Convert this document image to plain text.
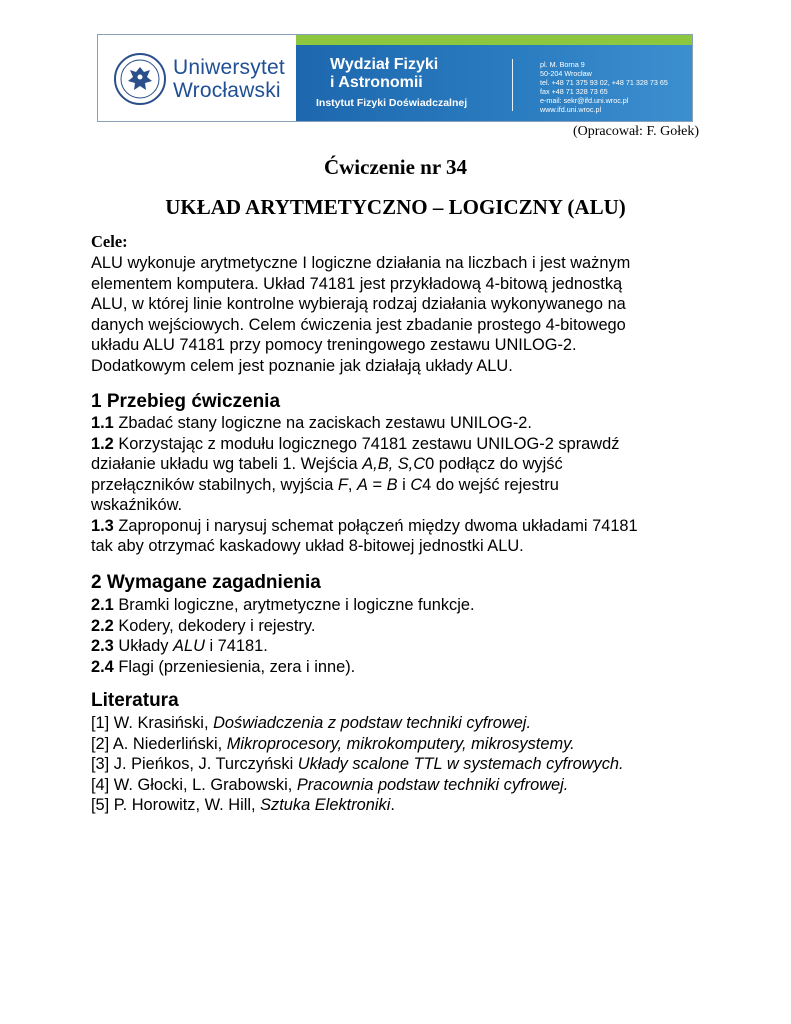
Uniwersytet
Wrocławski
Wydział Fizyki
i Astronomii
Instytut Fizyki Doświadczalnej
pl. M. Borna 9
50-204 Wrocław
tel. +48 71 375 93 02, +48 71 328 73 65
fax +48 71 328 73 65
e-mail: sekr@ifd.uni.wroc.pl
www.ifd.uni.wroc.pl
(Opracował: F. Gołek)
Ćwiczenie nr 34
UKŁAD ARYTMETYCZNO – LOGICZNY (ALU)
Cele:
ALU wykonuje arytmetyczne I logiczne działania na liczbach i jest ważnym
elementem komputera. Układ 74181 jest przykładową 4-bitową jednostką
ALU, w której linie kontrolne wybierają rodzaj działania wykonywanego na
danych wejściowych. Celem ćwiczenia jest zbadanie prostego 4-bitowego
układu ALU 74181 przy pomocy treningowego zestawu UNILOG-2.
Dodatkowym celem jest poznanie jak działają układy ALU.
1 Przebieg ćwiczenia
1.1 Zbadać stany logiczne na zaciskach zestawu UNILOG-2.
1.2 Korzystając z modułu logicznego 74181 zestawu UNILOG-2 sprawdź
działanie układu wg tabeli 1. Wejścia A,B, S,C0 podłącz do wyjść
przełączników stabilnych, wyjścia F, A = B i C4 do wejść rejestru
wskaźników.
1.3 Zaproponuj i narysuj schemat połączeń między dwoma układami 74181
tak aby otrzymać kaskadowy układ 8-bitowej jednostki ALU.
2 Wymagane zagadnienia
2.1 Bramki logiczne, arytmetyczne i logiczne funkcje.
2.2 Kodery, dekodery i rejestry.
2.3 Układy ALU i 74181.
2.4 Flagi (przeniesienia, zera i inne).
Literatura
[1] W. Krasiński, Doświadczenia z podstaw techniki cyfrowej.
[2] A. Niederliński, Mikroprocesory, mikrokomputery, mikrosystemy.
[3] J. Pieńkos, J. Turczyński Układy scalone TTL w systemach cyfrowych.
[4] W. Głocki, L. Grabowski, Pracownia podstaw techniki cyfrowej.
[5] P. Horowitz, W. Hill, Sztuka Elektroniki.
